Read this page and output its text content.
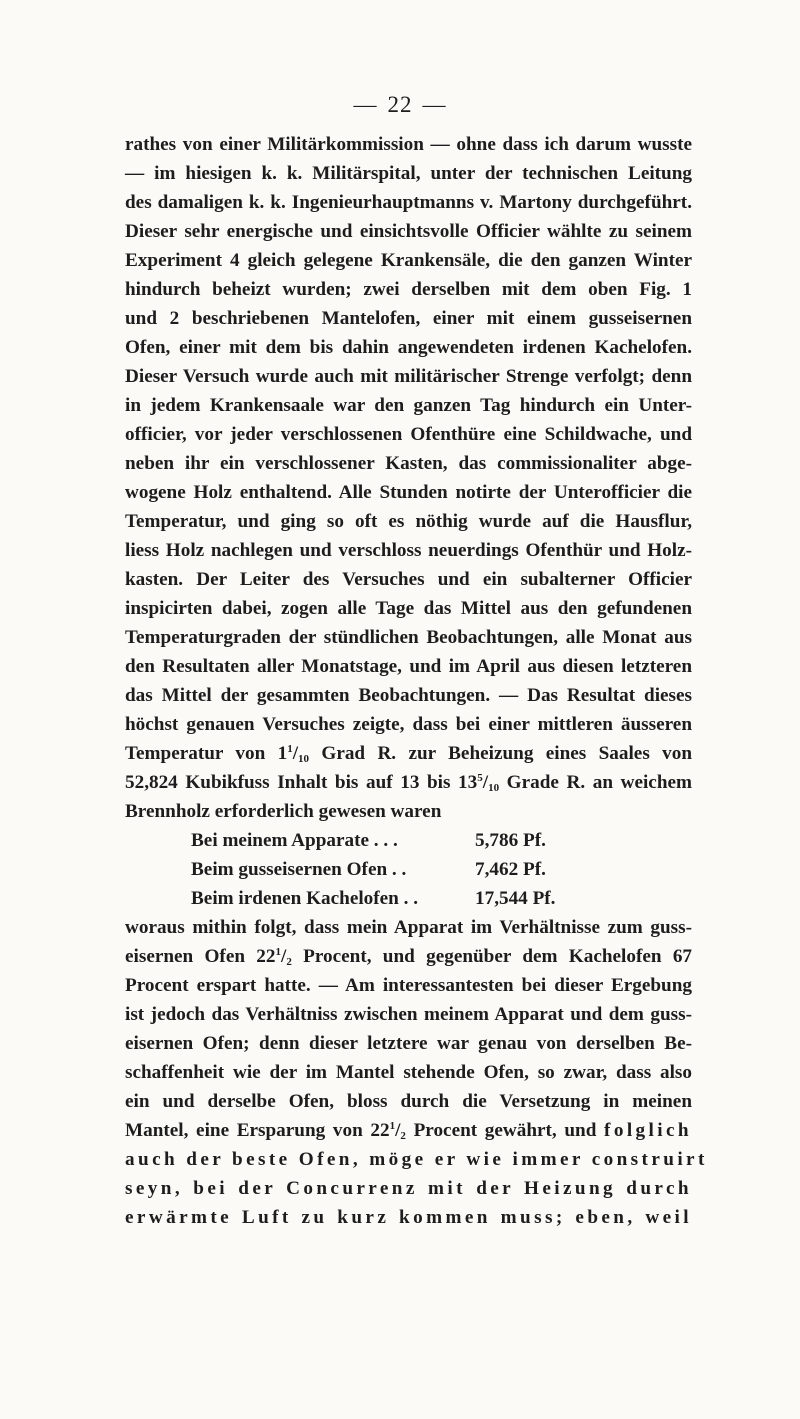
— 22 —
rathes von einer Militärkommission — ohne dass ich darum wusste
— im hiesigen k. k. Militärspital, unter der technischen Leitung
des damaligen k. k. Ingenieurhauptmanns v. Martony durchgeführt.
Dieser sehr energische und einsichtsvolle Officier wählte zu seinem
Experiment 4 gleich gelegene Krankensäle, die den ganzen Winter
hindurch beheizt wurden; zwei derselben mit dem oben Fig. 1
und 2 beschriebenen Mantelofen, einer mit einem gusseisernen
Ofen, einer mit dem bis dahin angewendeten irdenen Kachelofen.
Dieser Versuch wurde auch mit militärischer Strenge verfolgt; denn
in jedem Krankensaale war den ganzen Tag hindurch ein Unter-
officier, vor jeder verschlossenen Ofenthüre eine Schildwache, und
neben ihr ein verschlossener Kasten, das commissionaliter abge-
wogene Holz enthaltend. Alle Stunden notirte der Unterofficier die
Temperatur, und ging so oft es nöthig wurde auf die Hausflur,
liess Holz nachlegen und verschloss neuerdings Ofenthür und Holz-
kasten. Der Leiter des Versuches und ein subalterner Officier
inspicirten dabei, zogen alle Tage das Mittel aus den gefundenen
Temperaturgraden der stündlichen Beobachtungen, alle Monat aus
den Resultaten aller Monatstage, und im April aus diesen letzteren
das Mittel der gesammten Beobachtungen. — Das Resultat dieses
höchst genauen Versuches zeigte, dass bei einer mittleren äusseren
Temperatur von $1^1/_{10}$ Grad R. zur Beheizung eines Saales von
52,824 Kubikfuss Inhalt bis auf 13 bis $13^5/_{10}$ Grade R. an weichem
Brennholz erforderlich gewesen waren
Bei meinem Apparate . . .	5,786 Pf.
Beim gusseisernen Ofen . .	7,462 Pf.
Beim irdenen Kachelofen . .	17,544 Pf.
woraus mithin folgt, dass mein Apparat im Verhältnisse zum guss-
eisernen Ofen $22^1/_2$ Procent, und gegenüber dem Kachelofen 67
Procent erspart hatte. — Am interessantesten bei dieser Ergebung
ist jedoch das Verhältniss zwischen meinem Apparat und dem guss-
eisernen Ofen; denn dieser letztere war genau von derselben Be-
schaffenheit wie der im Mantel stehende Ofen, so zwar, dass also
ein und derselbe Ofen, bloss durch die Versetzung in meinen
Mantel, eine Ersparung von $22^1/_2$ Procent gewährt, und folglich
auch der beste Ofen, möge er wie immer construirt
seyn, bei der Concurrenz mit der Heizung durch
erwärmte Luft zu kurz kommen muss; eben, weil
